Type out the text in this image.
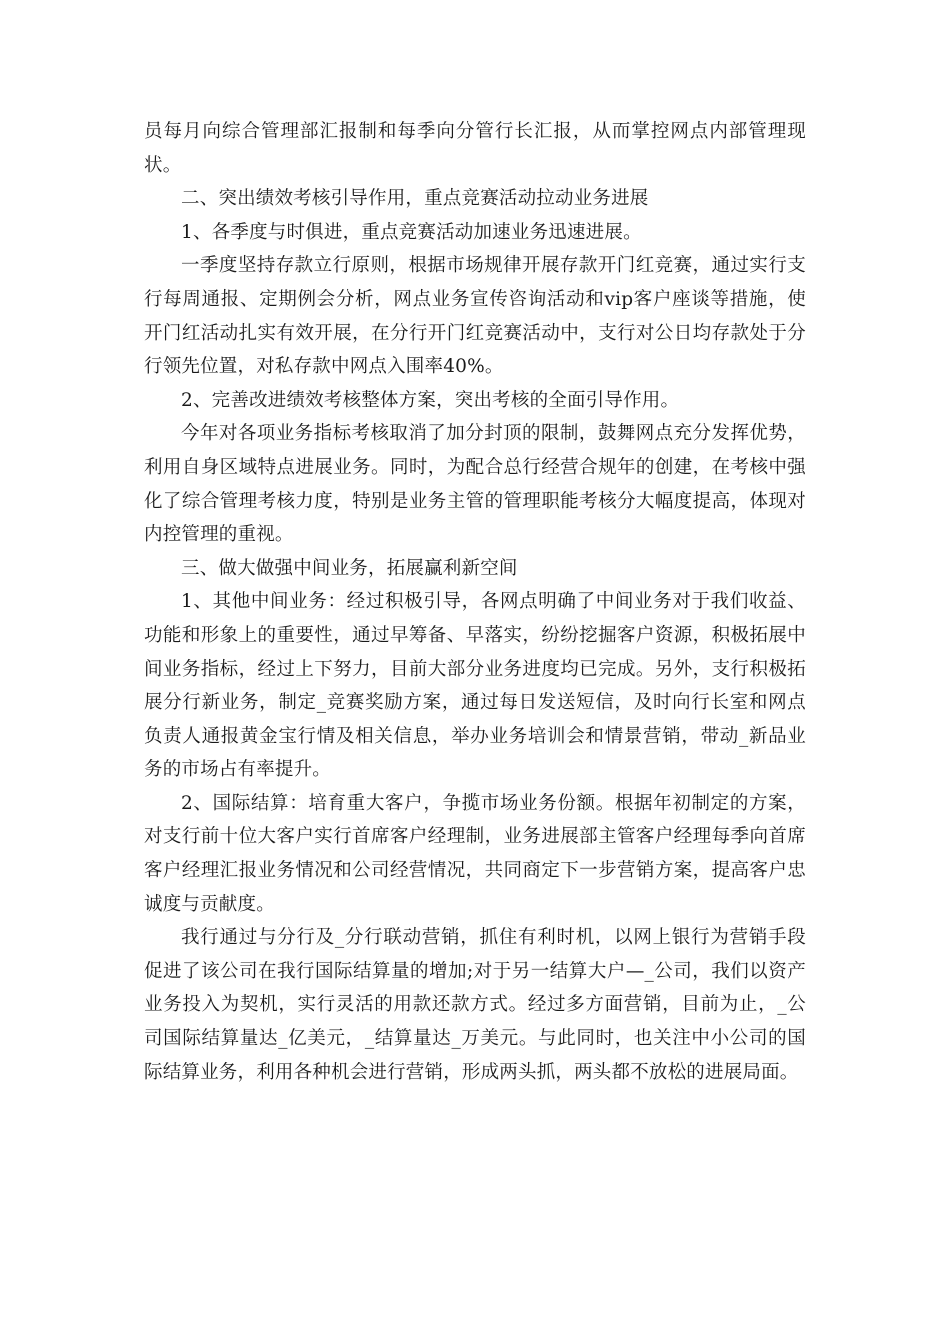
员每月向综合管理部汇报制和每季向分管行长汇报，从而掌控网点内部管理现状。

二、突出绩效考核引导作用，重点竞赛活动拉动业务进展

1、各季度与时俱进，重点竞赛活动加速业务迅速进展。

一季度坚持存款立行原则，根据市场规律开展存款开门红竞赛，通过实行支行每周通报、定期例会分析，网点业务宣传咨询活动和vip客户座谈等措施，使开门红活动扎实有效开展，在分行开门红竞赛活动中，支行对公日均存款处于分行领先位置，对私存款中网点入围率40%。

2、完善改进绩效考核整体方案，突出考核的全面引导作用。

今年对各项业务指标考核取消了加分封顶的限制，鼓舞网点充分发挥优势，利用自身区域特点进展业务。同时，为配合总行经营合规年的创建，在考核中强化了综合管理考核力度，特别是业务主管的管理职能考核分大幅度提高，体现对内控管理的重视。

三、做大做强中间业务，拓展赢利新空间

1、其他中间业务：经过积极引导，各网点明确了中间业务对于我们收益、功能和形象上的重要性，通过早筹备、早落实，纷纷挖掘客户资源，积极拓展中间业务指标，经过上下努力，目前大部分业务进度均已完成。另外，支行积极拓展分行新业务，制定_竞赛奖励方案，通过每日发送短信，及时向行长室和网点负责人通报黄金宝行情及相关信息，举办业务培训会和情景营销，带动_新品业务的市场占有率提升。

2、国际结算：培育重大客户，争揽市场业务份额。根据年初制定的方案，对支行前十位大客户实行首席客户经理制，业务进展部主管客户经理每季向首席客户经理汇报业务情况和公司经营情况，共同商定下一步营销方案，提高客户忠诚度与贡献度。

我行通过与分行及_分行联动营销，抓住有利时机，以网上银行为营销手段促进了该公司在我行国际结算量的增加;对于另一结算大户—_公司，我们以资产业务投入为契机，实行灵活的用款还款方式。经过多方面营销，目前为止，_公司国际结算量达_亿美元，_结算量达_万美元。与此同时，也关注中小公司的国际结算业务，利用各种机会进行营销，形成两头抓，两头都不放松的进展局面。
